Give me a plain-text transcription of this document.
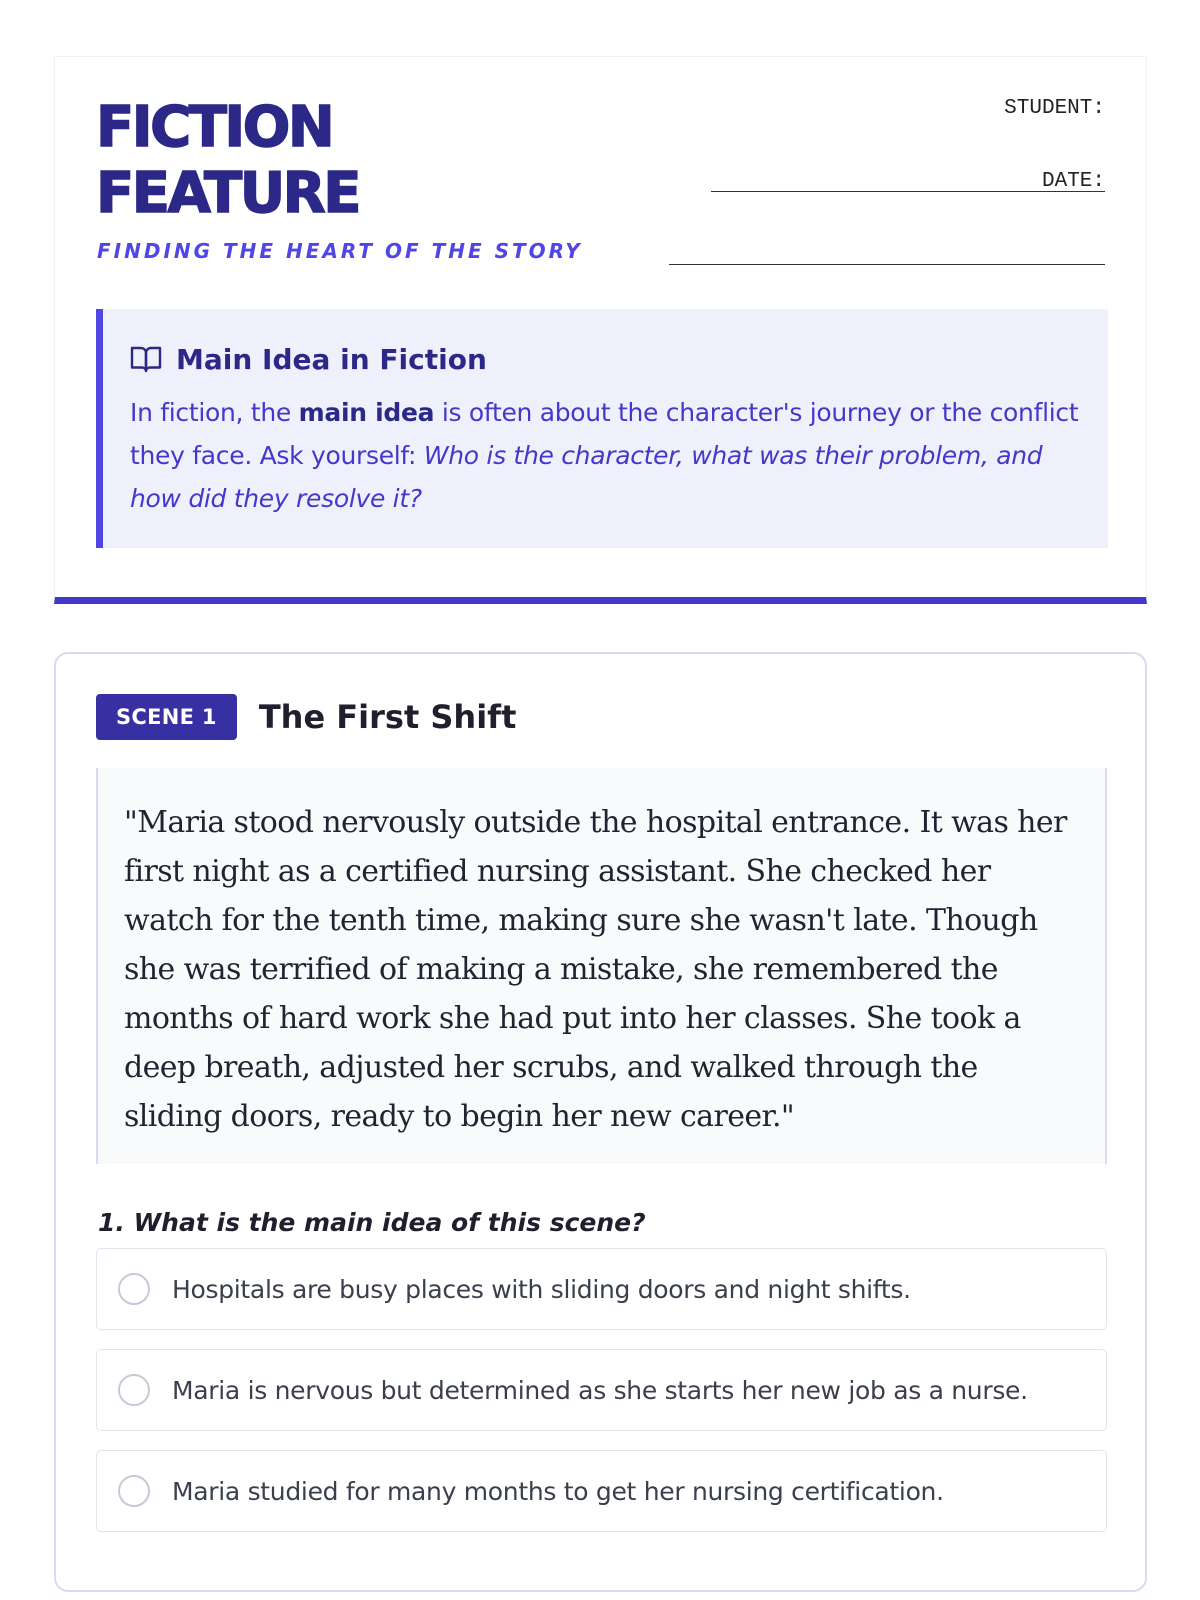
FICTION
FEATURE
FINDING THE HEART OF THE STORY
STUDENT:
DATE:
Main Idea in Fiction

In fiction, the main idea is often about the character's journey or the conflict they face. Ask yourself: Who is the character, what was their problem, and how did they resolve it?

SCENE 1	The First Shift
"Maria stood nervously outside the hospital entrance. It was her first night as a certified nursing assistant. She checked her watch for the tenth time, making sure she wasn't late. Though she was terrified of making a mistake, she remembered the months of hard work she had put into her classes. She took a deep breath, adjusted her scrubs, and walked through the sliding doors, ready to begin her new career."
1. What is the main idea of this scene?
Hospitals are busy places with sliding doors and night shifts.
Maria is nervous but determined as she starts her new job as a nurse.
Maria studied for many months to get her nursing certification.
